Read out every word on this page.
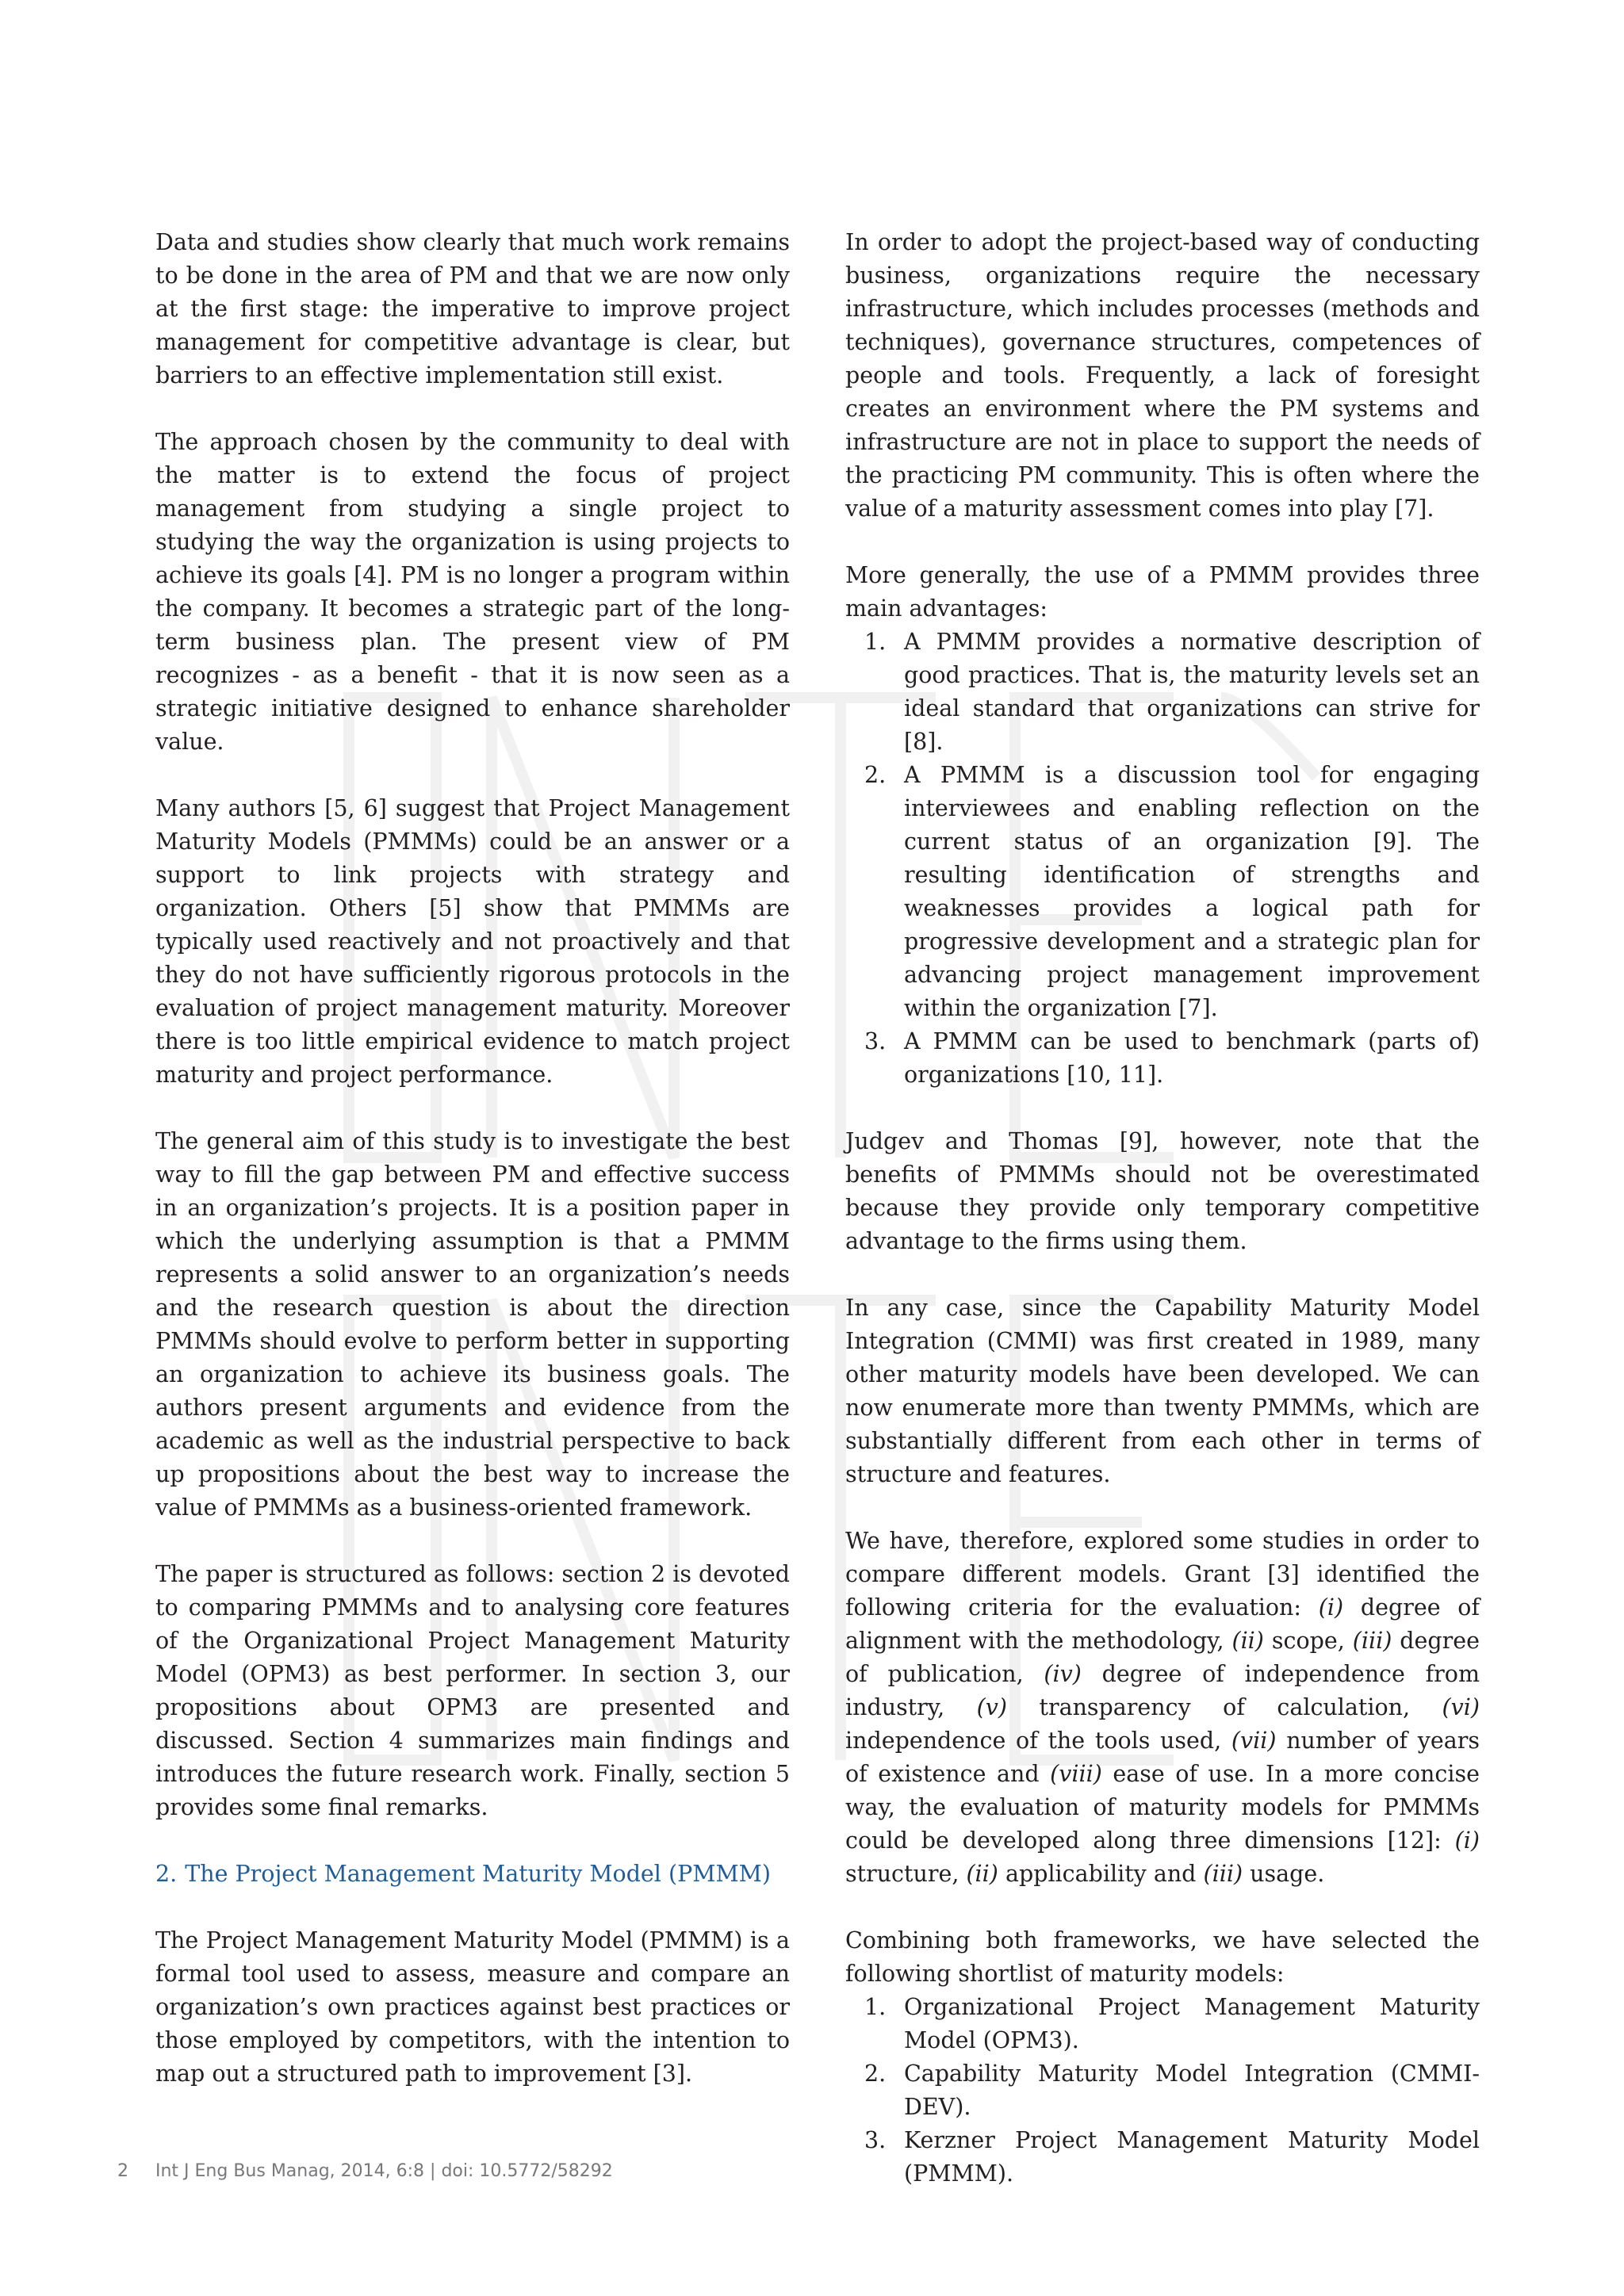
Data and studies show clearly that much work remains to be done in the area of PM and that we are now only at the first stage: the imperative to improve project management for competitive advantage is clear, but barriers to an effective implementation still exist.

The approach chosen by the community to deal with the matter is to extend the focus of project management from studying a single project to studying the way the organization is using projects to achieve its goals [4]. PM is no longer a program within the company. It becomes a strategic part of the long-term business plan. The present view of PM recognizes - as a benefit - that it is now seen as a strategic initiative designed to enhance shareholder value.

Many authors [5, 6] suggest that Project Management Maturity Models (PMMMs) could be an answer or a support to link projects with strategy and organization. Others [5] show that PMMMs are typically used reactively and not proactively and that they do not have sufficiently rigorous protocols in the evaluation of project management maturity. Moreover there is too little empirical evidence to match project maturity and project performance.

The general aim of this study is to investigate the best way to fill the gap between PM and effective success in an organization’s projects. It is a position paper in which the underlying assumption is that a PMMM represents a solid answer to an organization’s needs and the research question is about the direction PMMMs should evolve to perform better in supporting an organization to achieve its business goals. The authors present arguments and evidence from the academic as well as the industrial perspective to back up propositions about the best way to increase the value of PMMMs as a business-oriented framework.

The paper is structured as follows: section 2 is devoted to comparing PMMMs and to analysing core features of the Organizational Project Management Maturity Model (OPM3) as best performer. In section 3, our propositions about OPM3 are presented and discussed. Section 4 summarizes main findings and introduces the future research work. Finally, section 5 provides some final remarks.

2. The Project Management Maturity Model (PMMM)

The Project Management Maturity Model (PMMM) is a formal tool used to assess, measure and compare an organization’s own practices against best practices or those employed by competitors, with the intention to map out a structured path to improvement [3].

In order to adopt the project-based way of conducting business, organizations require the necessary infrastructure, which includes processes (methods and techniques), governance structures, competences of people and tools. Frequently, a lack of foresight creates an environment where the PM systems and infrastructure are not in place to support the needs of the practicing PM community. This is often where the value of a maturity assessment comes into play [7].

More generally, the use of a PMMM provides three main advantages:

1. A PMMM provides a normative description of good practices. That is, the maturity levels set an ideal standard that organizations can strive for [8].
2. A PMMM is a discussion tool for engaging interviewees and enabling reflection on the current status of an organization [9]. The resulting identification of strengths and weaknesses provides a logical path for progressive development and a strategic plan for advancing project management improvement within the organization [7].
3. A PMMM can be used to benchmark (parts of) organizations [10, 11].

Judgev and Thomas [9], however, note that the benefits of PMMMs should not be overestimated because they provide only temporary competitive advantage to the firms using them.

In any case, since the Capability Maturity Model Integration (CMMI) was first created in 1989, many other maturity models have been developed. We can now enumerate more than twenty PMMMs, which are substantially different from each other in terms of structure and features.

We have, therefore, explored some studies in order to compare different models. Grant [3] identified the following criteria for the evaluation: (i) degree of alignment with the methodology, (ii) scope, (iii) degree of publication, (iv) degree of independence from industry, (v) transparency of calculation, (vi) independence of the tools used, (vii) number of years of existence and (viii) ease of use. In a more concise way, the evaluation of maturity models for PMMMs could be developed along three dimensions [12]: (i) structure, (ii) applicability and (iii) usage.

Combining both frameworks, we have selected the following shortlist of maturity models:

1. Organizational Project Management Maturity Model (OPM3).
2. Capability Maturity Model Integration (CMMI-DEV).
3. Kerzner Project Management Maturity Model (PMMM).
2 Int J Eng Bus Manag, 2014, 6:8 | doi: 10.5772/58292
